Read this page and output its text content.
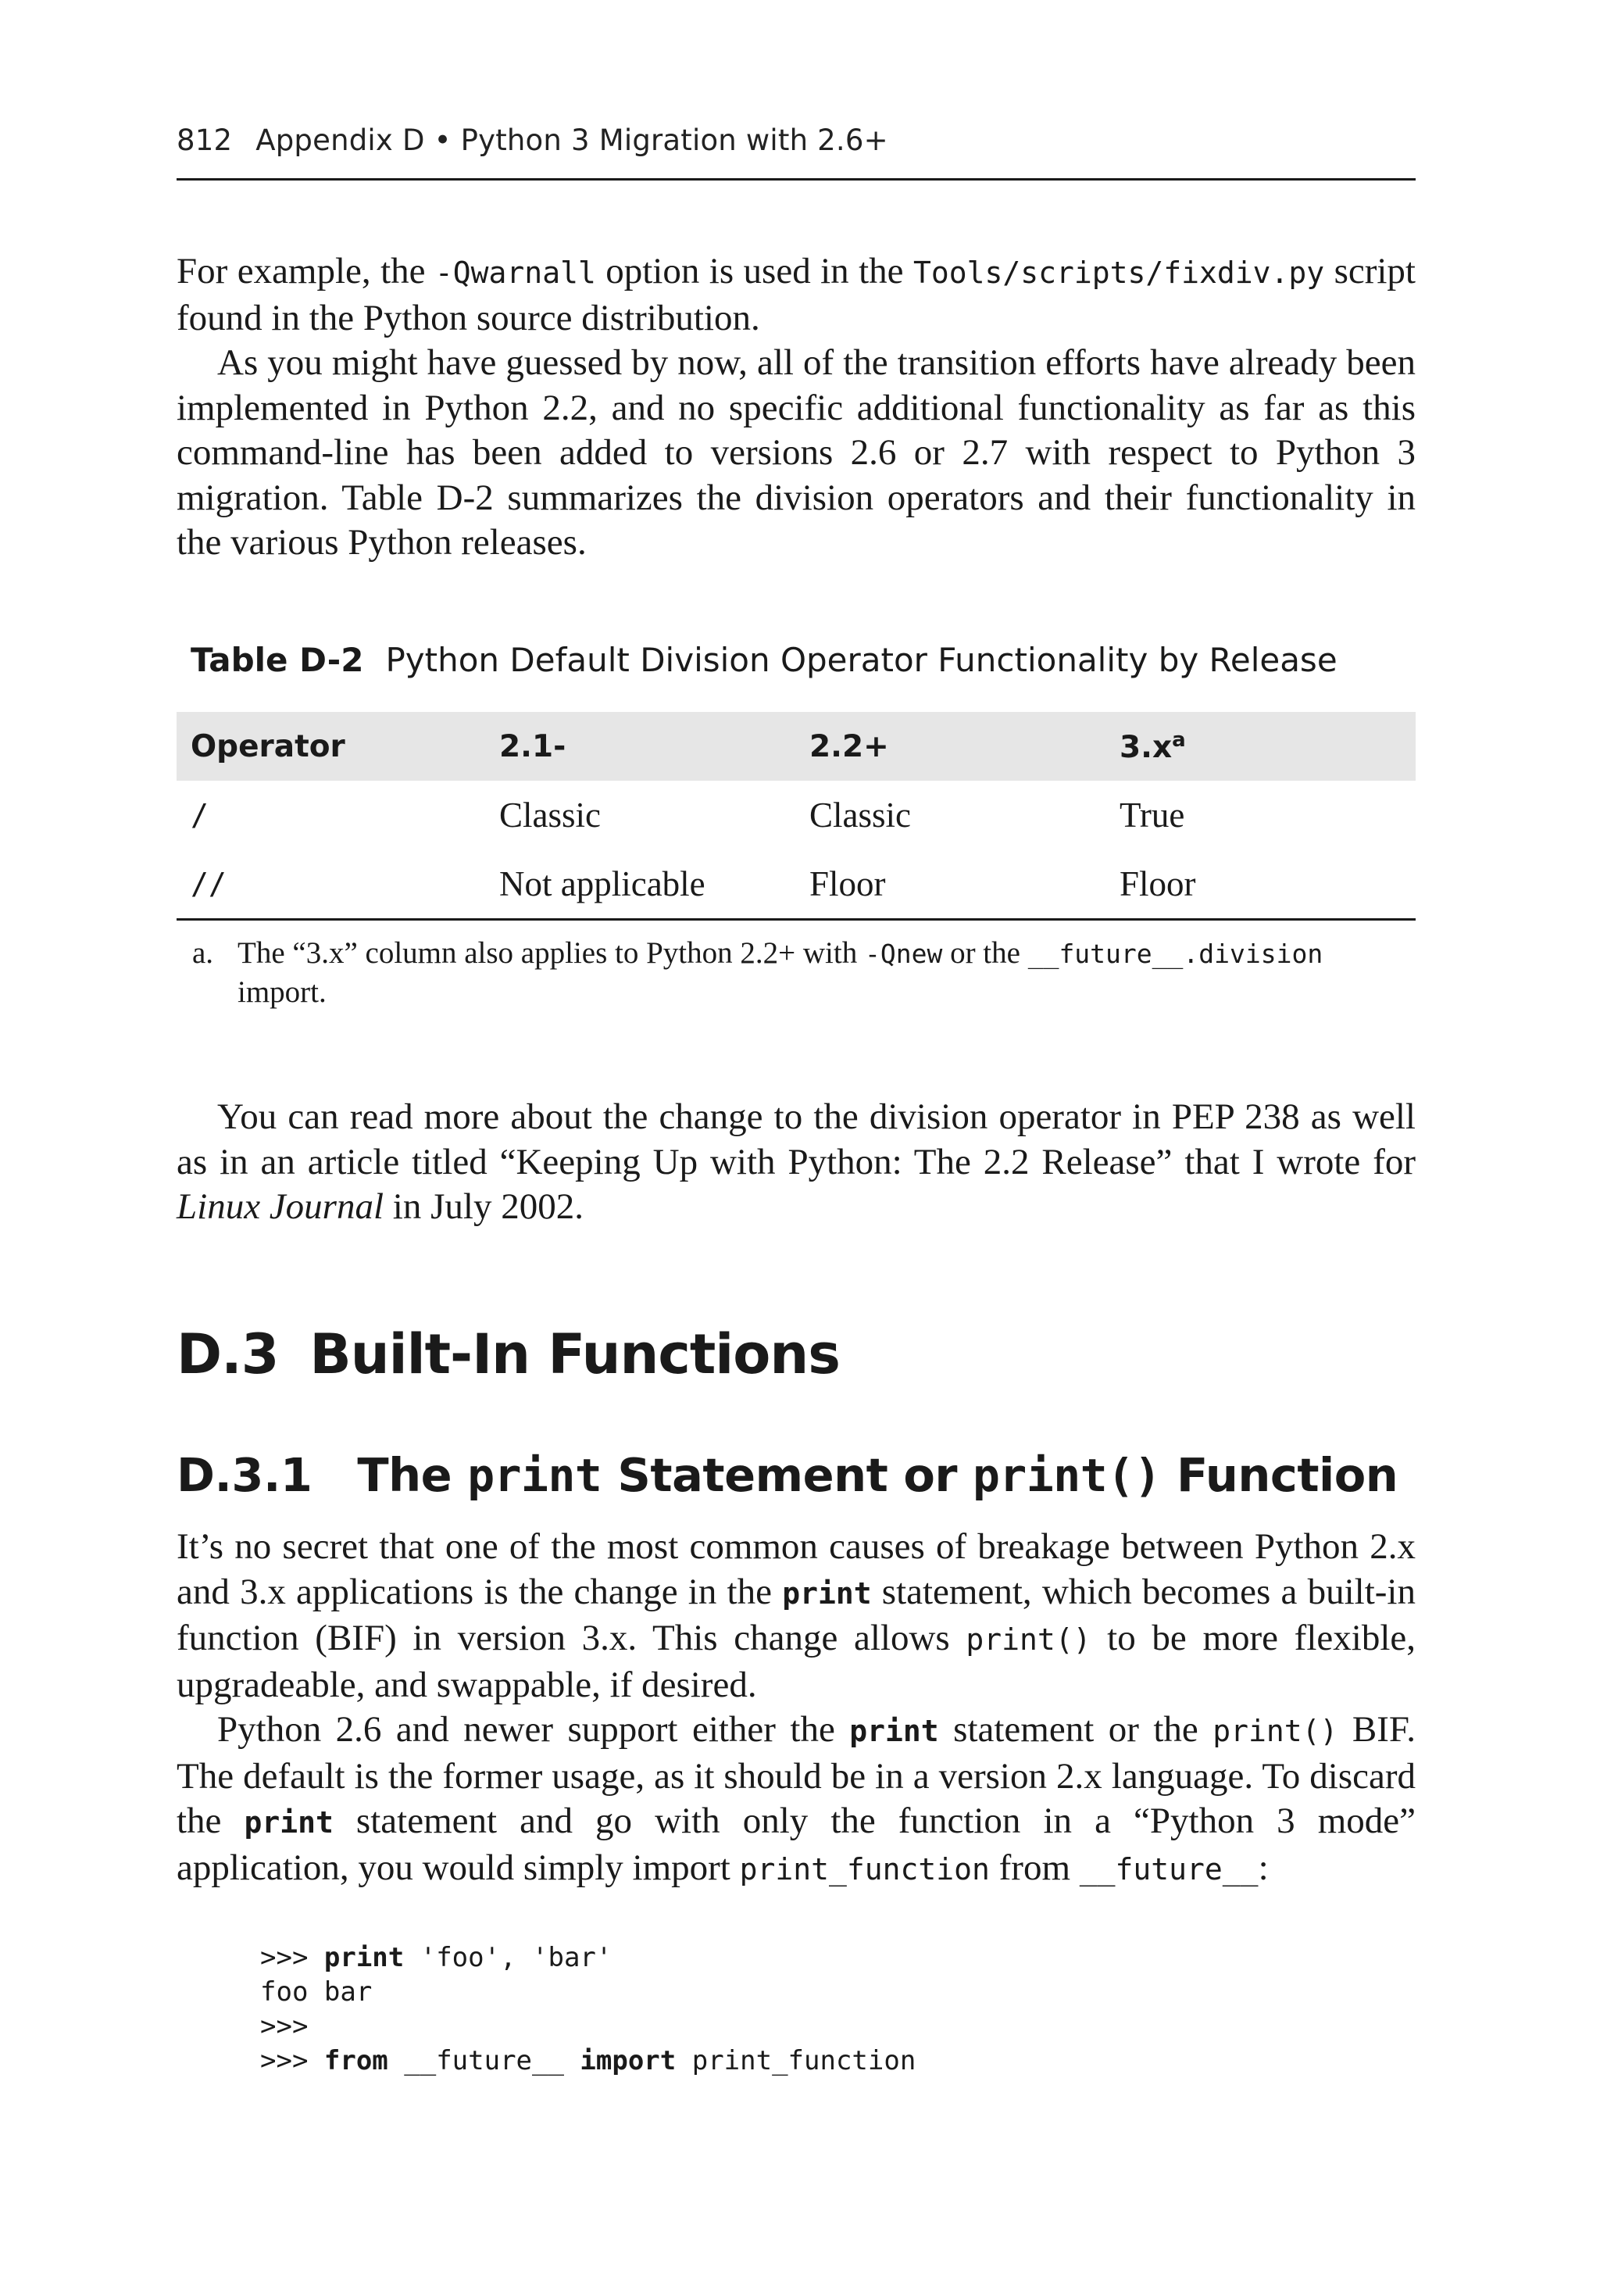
812 Appendix D • Python 3 Migration with 2.6+

For example, the -Qwarnall option is used in the Tools/scripts/fixdiv.py script found in the Python source distribution.

As you might have guessed by now, all of the transition efforts have already been implemented in Python 2.2, and no specific additional functionality as far as this command-line has been added to versions 2.6 or 2.7 with respect to Python 3 migration. Table D-2 summarizes the division operators and their functionality in the various Python releases.

Table D-2 Python Default Division Operator Functionality by Release
Operator	2.1-	2.2+	$3.x^a$
/	Classic	Classic	True
//	Not applicable	Floor	Floor
a. The “3.x” column also applies to Python 2.2+ with -Qnew or the __future__.division import.

You can read more about the change to the division operator in PEP 238 as well as in an article titled “Keeping Up with Python: The 2.2 Release” that I wrote for Linux Journal in July 2002.

D.3 Built-In Functions
D.3.1 The print Statement or print() Function

It’s no secret that one of the most common causes of breakage between Python 2.x and 3.x applications is the change in the print statement, which becomes a built-in function (BIF) in version 3.x. This change allows print() to be more flexible, upgradeable, and swappable, if desired.

Python 2.6 and newer support either the print statement or the print() BIF. The default is the former usage, as it should be in a version 2.x language. To discard the print statement and go with only the function in a “Python 3 mode” application, you would simply import print_function from __future__:

>>> print 'foo', 'bar'
foo bar
>>>
>>> from __future__ import print_function
